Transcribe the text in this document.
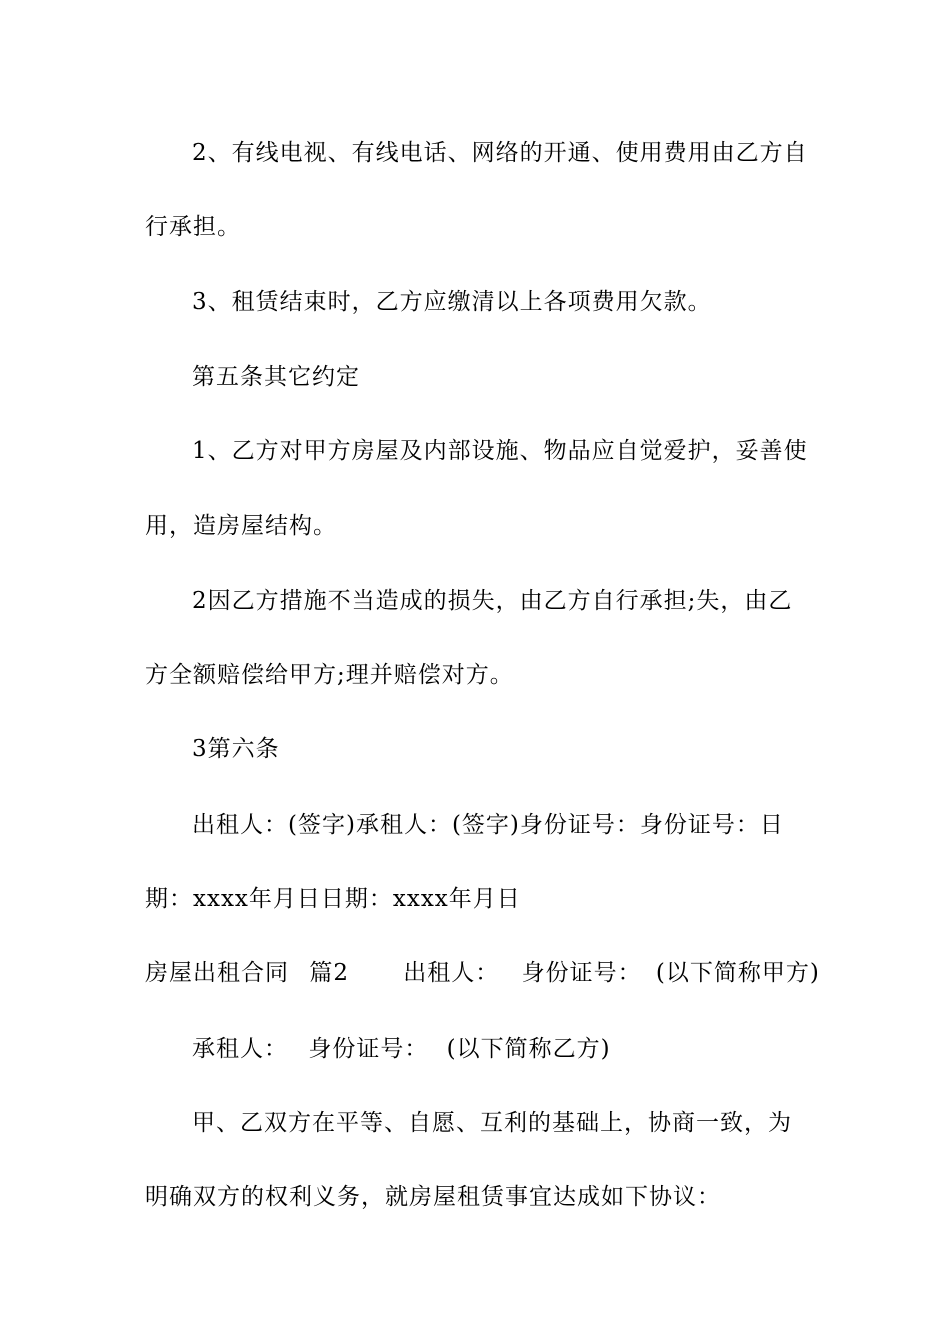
2、有线电视、有线电话、网络的开通、使用费用由乙方自
行承担。
3、租赁结束时，乙方应缴清以上各项费用欠款。
第五条其它约定
1、乙方对甲方房屋及内部设施、物品应自觉爱护，妥善使
用，造房屋结构。
2因乙方措施不当造成的损失，由乙方自行承担;失，由乙
方全额赔偿给甲方;理并赔偿对方。
3第六条
出租人：(签字)承租人：(签字)身份证号：身份证号：日
期：xxxx年月日日期：xxxx年月日
房屋出租合同 篇2 出租人： 身份证号： (以下简称甲方)
承租人： 身份证号： (以下简称乙方)
甲、乙双方在平等、自愿、互利的基础上，协商一致，为
明确双方的权利义务，就房屋租赁事宜达成如下协议：
